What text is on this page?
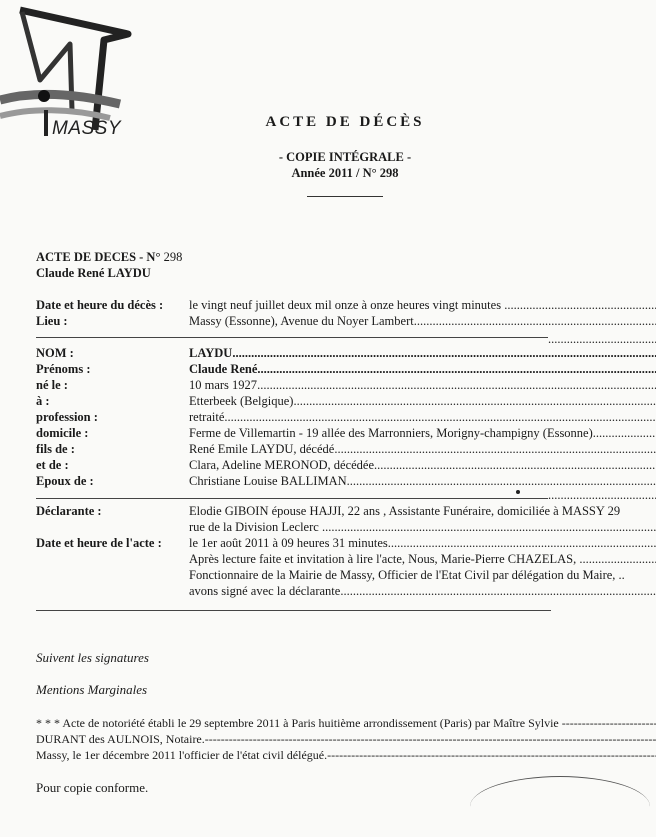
MASSY	ACTE DE DÉCÈS
- COPIE INTÉGRALE -
Année 2011 / N° 298
ACTE DE DECES - N° 298
Claude René LAYDU
Date et heure du décès : le vingt neuf juillet deux mil onze à onze heures vingt minutes .....
Lieu :	Massy (Essonne), Avenue du Noyer Lambert .....
.....
NOM :	LAYDU .....
Prénoms :	Claude René .....
né le :	10 mars 1927 .....
à :	Etterbeek (Belgique) .....
profession :	retraité .....
domicile :	Ferme de Villemartin - 19 allée des Marronniers, Morigny-champigny (Essonne) .....
fils de :	René Emile LAYDU, décédé .....
et de :	Clara, Adeline MERONOD, décédée .....
Epoux de :	Christiane Louise BALLIMAN .....
.....
Déclarante :	Elodie GIBOIN épouse HAJJI, 22 ans , Assistante Funéraire, domiciliée à MASSY 29
rue de la Division Leclerc .....
Date et heure de l'acte : le 1er août 2011 à 09 heures 31 minutes .....
Après lecture faite et invitation à lire l'acte, Nous, Marie-Pierre CHAZELAS, .....
Fonctionnaire de la Mairie de Massy, Officier de l'Etat Civil par délégation du Maire, ..
avons signé avec la déclarante .....
Suivent les signatures
Mentions Marginales
* * * Acte de notoriété établi le 29 septembre 2011 à Paris huitième arrondissement (Paris) par Maître Sylvie -----
DURANT des AULNOIS, Notaire. -----
Massy, le 1er décembre 2011 l'officier de l'état civil délégué. -----
Pour copie conforme.
